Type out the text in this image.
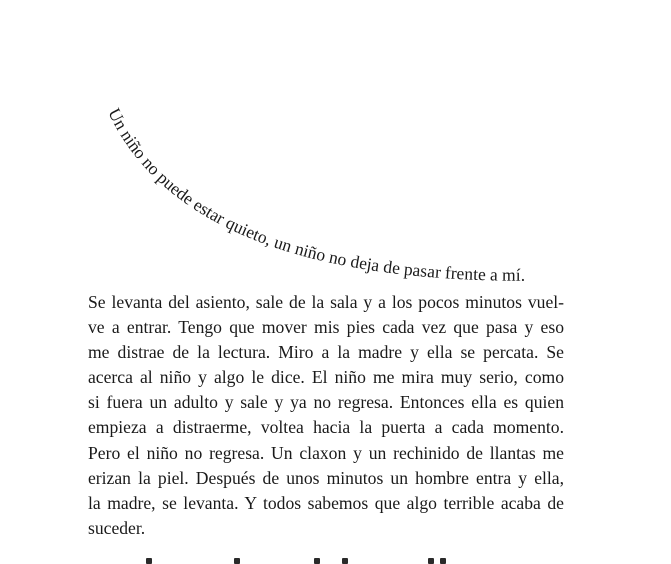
Un niño no puede estar quieto, un niño no deja de pasar frente a mí.
Se levanta del asiento, sale de la sala y a los pocos minutos vuel-
ve a entrar. Tengo que mover mis pies cada vez que pasa y eso
me distrae de la lectura. Miro a la madre y ella se percata. Se
acerca al niño y algo le dice. El niño me mira muy serio, como
si fuera un adulto y sale y ya no regresa. Entonces ella es quien
empieza a distraerme, voltea hacia la puerta a cada momento.
Pero el niño no regresa. Un claxon y un rechinido de llantas me
erizan la piel. Después de unos minutos un hombre entra y ella,
la madre, se levanta. Y todos sabemos que algo terrible acaba de
suceder.
